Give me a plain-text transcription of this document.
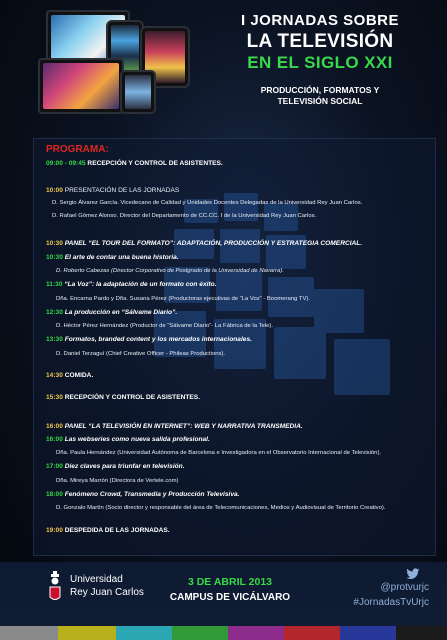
I JORNADAS SOBRE
LA TELEVISIÓN
EN EL SIGLO XXI
PRODUCCIÓN, FORMATOS Y
TELEVISIÓN SOCIAL
PROGRAMA:
09:00 - 09:45 RECEPCIÓN Y CONTROL DE ASISTENTES.
10:00 PRESENTACIÓN DE LAS JORNADAS
D. Sergio Álvarez García. Vicedecano de Calidad y Unidades Docentes Delegadas de la Universidad Rey Juan Carlos.
D. Rafael Gómez Alonso. Director del Departamento de CC.CC. I de la Universidad Rey Juan Carlos.
10:30 PANEL “EL TOUR DEL FORMATO”: ADAPTACIÓN, PRODUCCIÓN Y ESTRATEGIA COMERCIAL.
10:30 El arte de contar una buena historia.
D. Roberto Cabezas (Director Corporativo de Postgrado de la Universidad de Navarra).
11:30 “La Voz”: la adaptación de un formato con éxito.
Dña. Encarna Pardo y Dña. Susana Pérez (Productoras ejecutivas de “La Voz” - Boomerang TV).
12:30 La producción en “Sálvame Diario”.
D. Héctor Pérez Hernández (Productor de “Sálvame Diario”- La Fábrica de la Tele).
13:30 Formatos, branded content y los mercados internacionales.
D. Daniel Terzaguí (Chief Creative Officer - Phileas Productions).
14:30 COMIDA.
15:30 RECEPCIÓN Y CONTROL DE ASISTENTES.
16:00 PANEL “LA TELEVISIÓN EN INTERNET”: WEB Y NARRATIVA TRANSMEDIA.
16:00 Las webseries como nueva salida profesional.
Dña. Paula Hernández (Universidad Autónoma de Barcelona e Investigadora en el Observatorio Internacional de Televisión).
17:00 Diez claves para triunfar en televisión.
Dña. Mireya Marrón (Directora de Vertele.com)
18:00 Fenómeno Crowd, Transmedia y Producción Televisiva.
D. Gonzalo Martín (Socio director y responsable del área de Telecomunicaciones, Medios y Audiovisual de Territorio Creativo).
19:00 DESPEDIDA DE LAS JORNADAS.
Universidad
Rey Juan Carlos
3 DE ABRIL 2013
CAMPUS DE VICÁLVARO
@protvurjc
#JornadasTvUrjc
